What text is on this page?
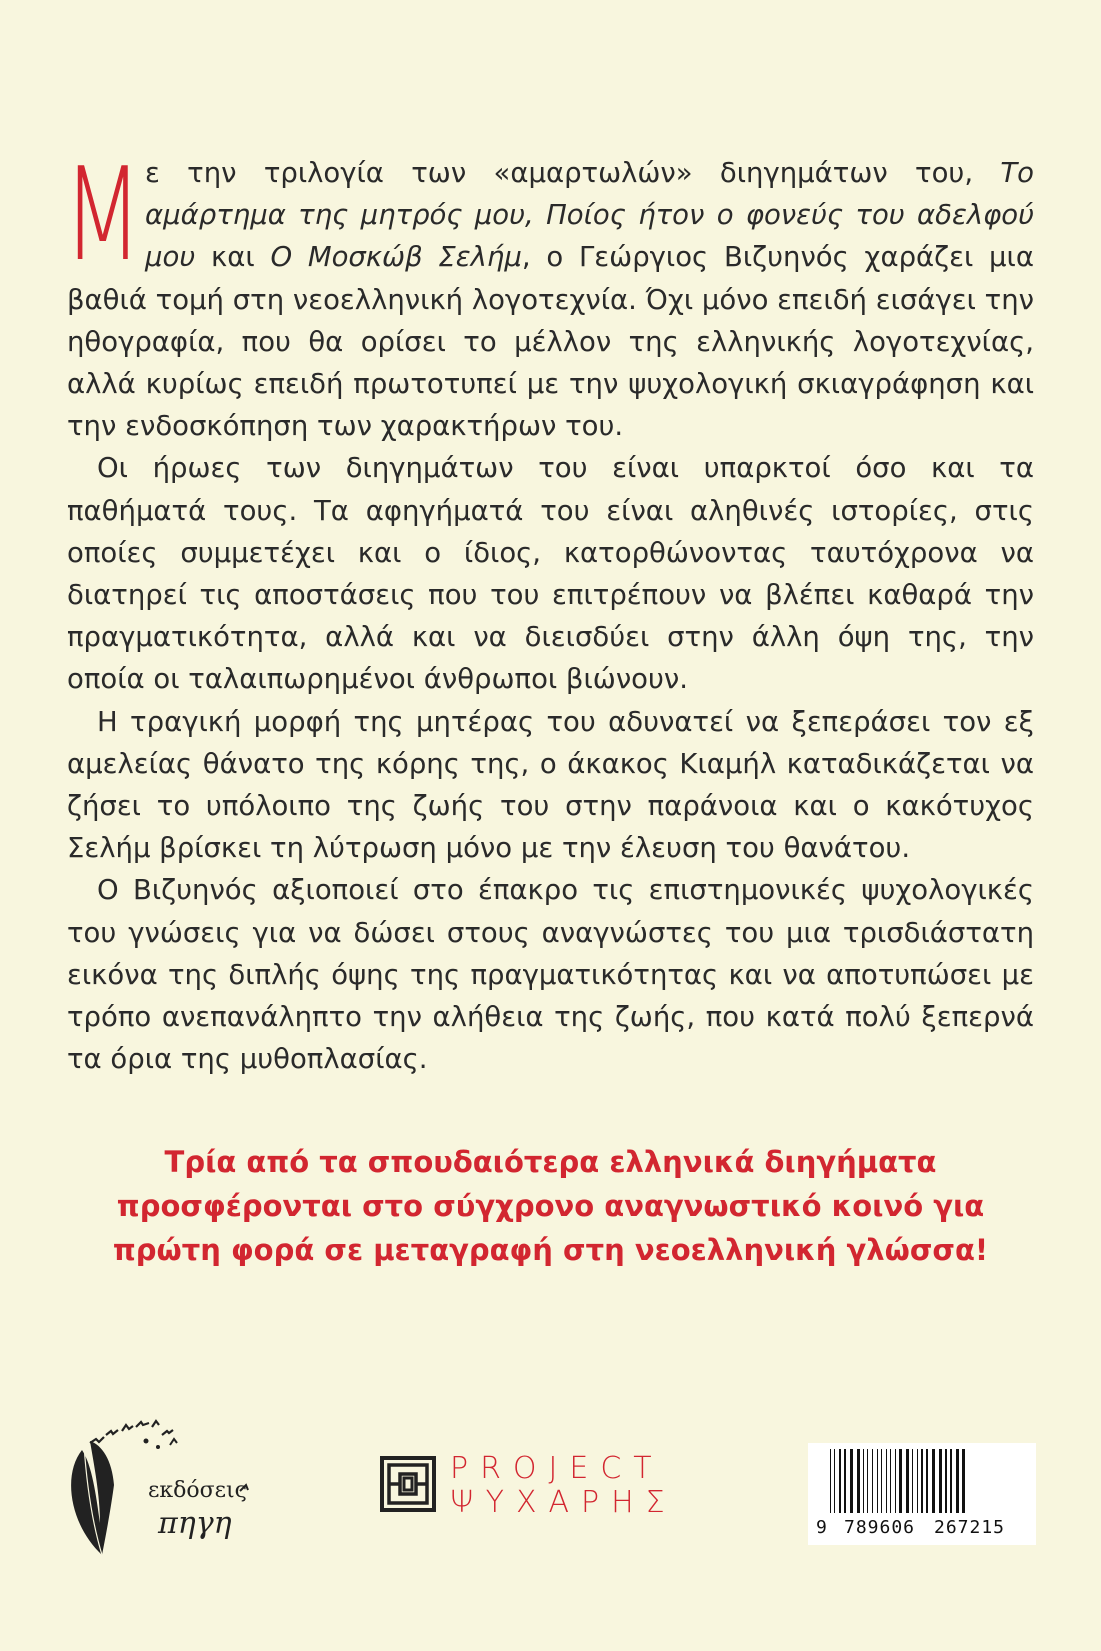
Με την τριλογία των «αμαρτωλών» διηγημάτων του, Το αμάρτημα της μητρός μου, Ποίος ήτον ο φονεύς του αδελφού μου και Ο Μοσκώβ Σελήμ, ο Γεώργιος Βιζυηνός χαράζει μια βαθιά τομή στη νεοελληνική λογοτεχνία. Όχι μόνο επειδή εισάγει την ηθογραφία, που θα ορίσει το μέλλον της ελληνικής λογοτεχνίας, αλλά κυρίως επειδή πρωτοτυπεί με την ψυχολογική σκιαγράφηση και την ενδοσκόπηση των χαρακτήρων του.

Οι ήρωες των διηγημάτων του είναι υπαρκτοί όσο και τα παθήματά τους. Τα αφηγήματά του είναι αληθινές ιστορίες, στις οποίες συμμετέχει και ο ίδιος, κατορθώνοντας ταυτόχρονα να διατηρεί τις αποστάσεις που του επιτρέπουν να βλέπει καθαρά την πραγματικότητα, αλλά και να διεισδύει στην άλλη όψη της, την οποία οι ταλαιπωρημένοι άνθρωποι βιώνουν.

Η τραγική μορφή της μητέρας του αδυνατεί να ξεπεράσει τον εξ αμελείας θάνατο της κόρης της, ο άκακος Κιαμήλ καταδικάζεται να ζήσει το υπόλοιπο της ζωής του στην παράνοια και ο κακότυχος Σελήμ βρίσκει τη λύτρωση μόνο με την έλευση του θανάτου.

Ο Βιζυηνός αξιοποιεί στο έπακρο τις επιστημονικές ψυχολογικές του γνώσεις για να δώσει στους αναγνώστες του μια τρισδιάστατη εικόνα της διπλής όψης της πραγματικότητας και να αποτυπώσει με τρόπο ανεπανάληπτο την αλήθεια της ζωής, που κατά πολύ ξεπερνά τα όρια της μυθοπλασίας.

Τρία από τα σπουδαιότερα ελληνικά διηγήματα
προσφέρονται στο σύγχρονο αναγνωστικό κοινό για
πρώτη φορά σε μεταγραφή στη νεοελληνική γλώσσα!
εκδόσεις
πηγη
PROJECT
ΨΥΧΑΡΗΣ
9 789606 267215
